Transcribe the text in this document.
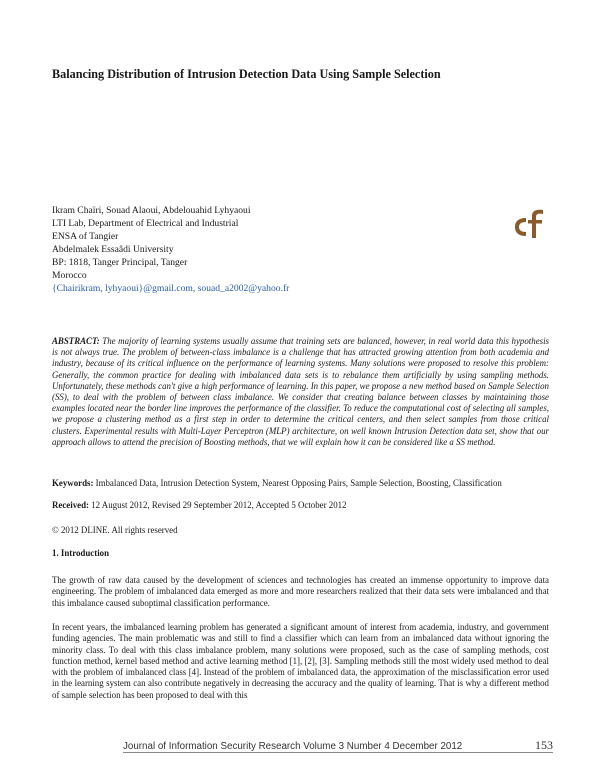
Balancing Distribution of Intrusion Detection Data Using Sample Selection
Ikram Chaïri, Souad Alaoui, Abdelouahid Lyhyaoui
LTI Lab, Department of Electrical and Industrial
ENSA of Tangier
Abdelmalek Essaâdi University
BP: 1818, Tanger Principal, Tanger
Morocco
{Chairikram, lyhyaoui}@gmail.com, souad_a2002@yahoo.fr
ABSTRACT: The majority of learning systems usually assume that training sets are balanced, however, in real world data this hypothesis is not always true. The problem of between-class imbalance is a challenge that has attracted growing attention from both academia and industry, because of its critical influence on the performance of learning systems. Many solutions were proposed to resolve this problem: Generally, the common practice for dealing with imbalanced data sets is to rebalance them artificially by using sampling methods. Unfortunately, these methods can't give a high performance of learning. In this paper, we propose a new method based on Sample Selection (SS), to deal with the problem of between class imbalance. We consider that creating balance between classes by maintaining those examples located near the border line improves the performance of the classifier. To reduce the computational cost of selecting all samples, we propose a clustering method as a first step in order to determine the critical centers, and then select samples from those critical clusters. Experimental results with Multi-Layer Perceptron (MLP) architecture, on well known Intrusion Detection data set, show that our approach allows to attend the precision of Boosting methods, that we will explain how it can be considered like a SS method.
Keywords: Imbalanced Data, Intrusion Detection System, Nearest Opposing Pairs, Sample Selection, Boosting, Classification
Received: 12 August 2012, Revised 29 September 2012, Accepted 5 October 2012
© 2012 DLINE. All rights reserved
1. Introduction
The growth of raw data caused by the development of sciences and technologies has created an immense opportunity to improve data engineering. The problem of imbalanced data emerged as more and more researchers realized that their data sets were imbalanced and that this imbalance caused suboptimal classification performance.
In recent years, the imbalanced learning problem has generated a significant amount of interest from academia, industry, and government funding agencies. The main problematic was and still to find a classifier which can learn from an imbalanced data without ignoring the minority class. To deal with this class imbalance problem, many solutions were proposed, such as the case of sampling methods, cost function method, kernel based method and active learning method [1], [2], [3]. Sampling methods still the most widely used method to deal with the problem of imbalanced class [4]. Instead of the problem of imbalanced data, the approximation of the misclassification error used in the learning system can also contribute negatively in decreasing the accuracy and the quality of learning. That is why a different method of sample selection has been proposed to deal with this
Journal of Information Security Research Volume 3 Number 4 December 2012	153
